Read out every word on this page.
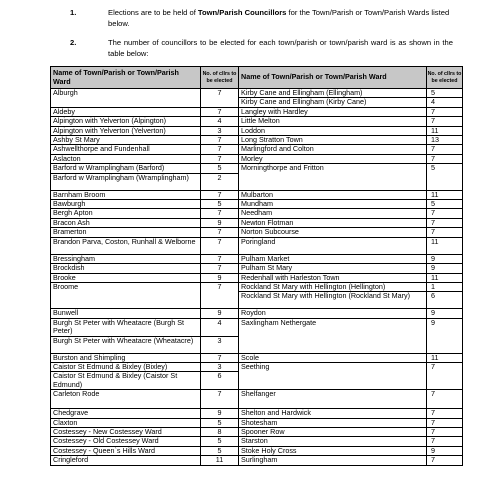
1.	Elections are to be held of Town/Parish Councillors for the Town/Parish or Town/Parish Wards listed below.
2.	The number of councillors to be elected for each town/parish or town/parish ward is as shown in the table below:
Name of Town/Parish or Town/Parish Ward	No. of cllrs to be elected	Name of Town/Parish or Town/Parish Ward	No. of cllrs to be elected
Alburgh	7	Kirby Cane and Ellingham (Ellingham)	5
		Kirby Cane and Ellingham (Kirby Cane)	4
Aldeby	7	Langley with Hardley	7
Alpington with Yelverton (Alpington)	4	Little Melton	7
Alpington with Yelverton (Yelverton)	3	Loddon	11
Ashby St Mary	7	Long Stratton Town	13
Ashwellthorpe and Fundenhall	7	Marlingford and Colton	7
Aslacton	7	Morley	7
Barford w Wramplingham (Barford)	5	Morningthorpe and Fritton	5
Barford w Wramplingham (Wramplingham)	2		
Barnham Broom	7	Mulbarton	11
Bawburgh	5	Mundham	5
Bergh Apton	7	Needham	7
Bracon Ash	9	Newton Flotman	7
Bramerton	7	Norton Subcourse	7
Brandon Parva, Coston, Runhall & Welborne	7	Poringland	11
Bressingham	7	Pulham Market	9
Brockdish	7	Pulham St Mary	9
Brooke	9	Redenhall with Harleston Town	11
Broome	7	Rockland St Mary with Hellington (Hellington)	1
		Rockland St Mary with Hellington (Rockland St Mary)	6
Bunwell	9	Roydon	9
Burgh St Peter with Wheatacre (Burgh St Peter)	4	Saxlingham Nethergate	9
Burgh St Peter with Wheatacre (Wheatacre)	3		
Burston and Shimpling	7	Scole	11
Caistor St Edmund & Bixley (Bixley)	3	Seething	7
Caistor St Edmund & Bixley (Caistor St Edmund)	6		
Carleton Rode	7	Shelfanger	7
Chedgrave	9	Shelton and Hardwick	7
Claxton	5	Shotesham	7
Costessey - New Costessey Ward	8	Spooner Row	7
Costessey - Old Costessey Ward	5	Starston	7
Costessey - Queen`s Hills Ward	5	Stoke Holy Cross	9
Cringleford	11	Surlingham	7
